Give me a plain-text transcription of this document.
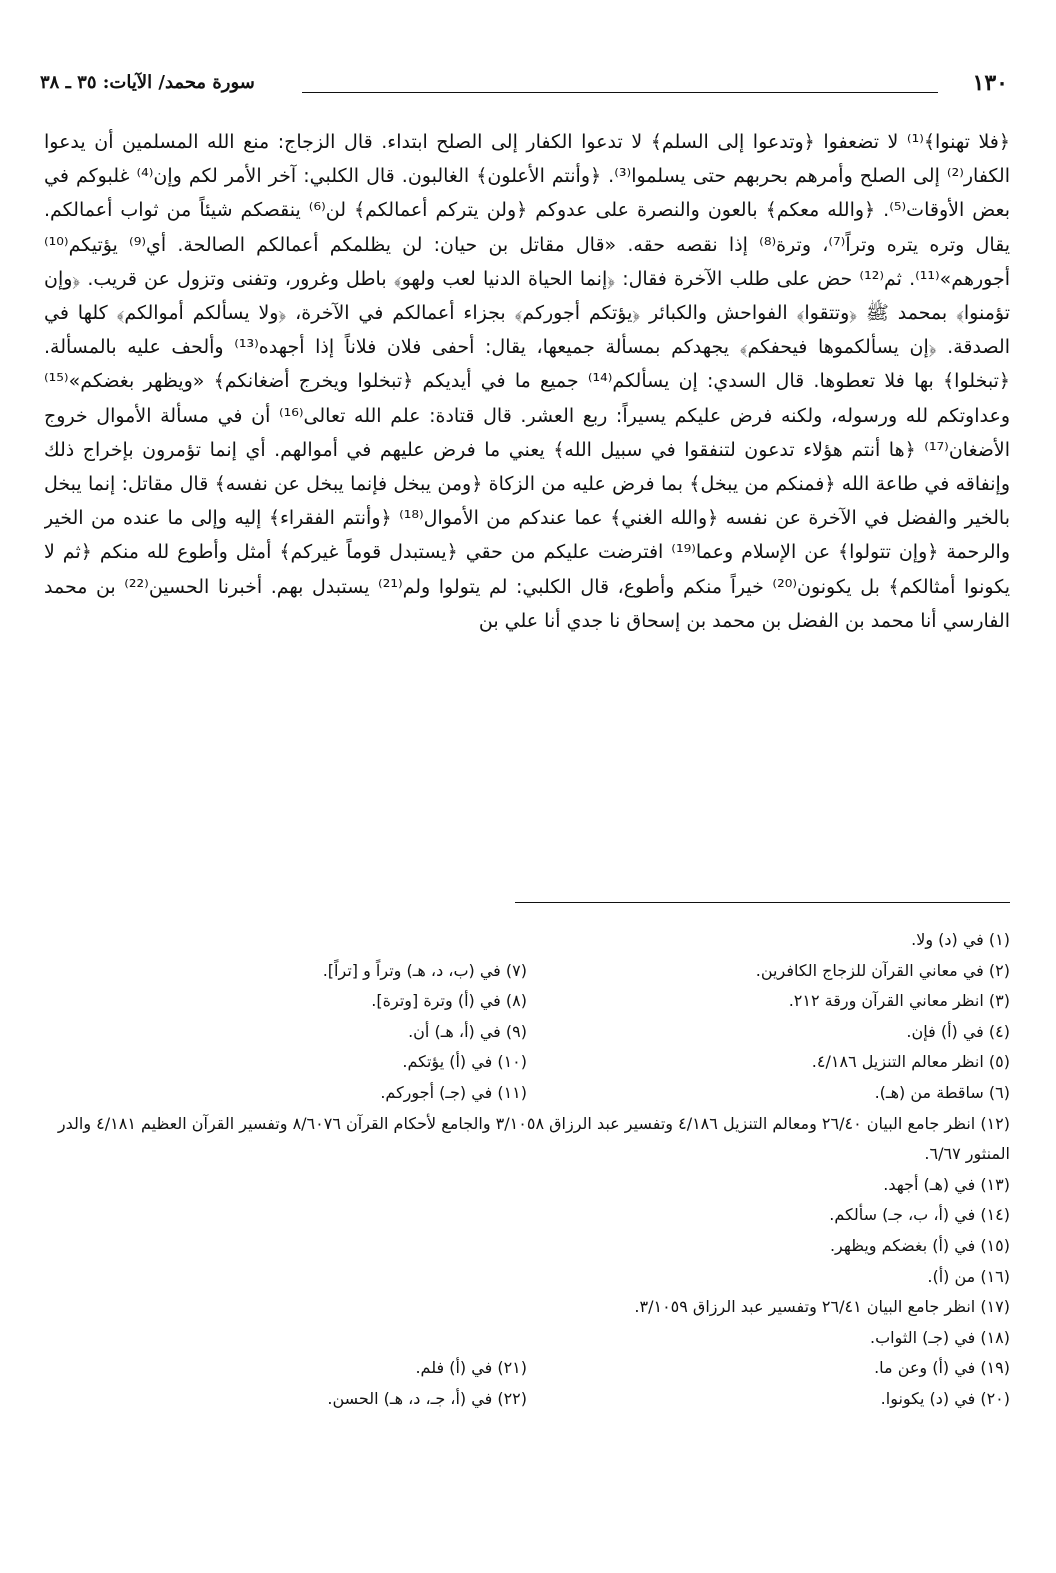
١٣٠
سورة محمد/ الآيات: ٣٥ ـ ٣٨

﴿فلا تهنوا﴾⁽¹⁾ لا تضعفوا ﴿وتدعوا إلى السلم﴾ لا تدعوا الكفار إلى الصلح ابتداء. قال الزجاج: منع الله المسلمين أن يدعوا الكفار⁽²⁾ إلى الصلح وأمرهم بحربهم حتى يسلموا⁽³⁾. ﴿وأنتم الأعلون﴾ الغالبون. قال الكلبي: آخر الأمر لكم وإن⁽⁴⁾ غلبوكم في بعض الأوقات⁽⁵⁾. ﴿والله معكم﴾ بالعون والنصرة على عدوكم ﴿ولن يتركم أعمالكم﴾ لن⁽⁶⁾ ينقصكم شيئاً من ثواب أعمالكم. يقال وتره يتره وتراً⁽⁷⁾، وترة⁽⁸⁾ إذا نقصه حقه. «قال مقاتل بن حيان: لن يظلمكم أعمالكم الصالحة. أي⁽⁹⁾ يؤتيكم⁽¹⁰⁾ أجورهم»⁽¹¹⁾. ثم⁽¹²⁾ حض على طلب الآخرة فقال: ﴿إنما الحياة الدنيا لعب ولهو﴾ باطل وغرور، وتفنى وتزول عن قريب. ﴿وإن تؤمنوا﴾ بمحمد ﷺ ﴿وتتقوا﴾ الفواحش والكبائر ﴿يؤتكم أجوركم﴾ بجزاء أعمالكم في الآخرة، ﴿ولا يسألكم أموالكم﴾ كلها في الصدقة. ﴿إن يسألكموها فيحفكم﴾ يجهدكم بمسألة جميعها، يقال: أحفى فلان فلاناً إذا أجهده⁽¹³⁾ وألحف عليه بالمسألة. ﴿تبخلوا﴾ بها فلا تعطوها. قال السدي: إن يسألكم⁽¹⁴⁾ جميع ما في أيديكم ﴿تبخلوا ويخرج أضغانكم﴾ «ويظهر بغضكم»⁽¹⁵⁾ وعداوتكم لله ورسوله، ولكنه فرض عليكم يسيراً: ربع العشر. قال قتادة: علم الله تعالى⁽¹⁶⁾ أن في مسألة الأموال خروج الأضغان⁽¹⁷⁾ ﴿ها أنتم هؤلاء تدعون لتنفقوا في سبيل الله﴾ يعني ما فرض عليهم في أموالهم. أي إنما تؤمرون بإخراج ذلك وإنفاقه في طاعة الله ﴿فمنكم من يبخل﴾ بما فرض عليه من الزكاة ﴿ومن يبخل فإنما يبخل عن نفسه﴾ قال مقاتل: إنما يبخل بالخير والفضل في الآخرة عن نفسه ﴿والله الغني﴾ عما عندكم من الأموال⁽¹⁸⁾ ﴿وأنتم الفقراء﴾ إليه وإلى ما عنده من الخير والرحمة ﴿وإن تتولوا﴾ عن الإسلام وعما⁽¹⁹⁾ افترضت عليكم من حقي ﴿يستبدل قوماً غيركم﴾ أمثل وأطوع لله منكم ﴿ثم لا يكونوا أمثالكم﴾ بل يكونون⁽²⁰⁾ خيراً منكم وأطوع، قال الكلبي: لم يتولوا ولم⁽²¹⁾ يستبدل بهم. أخبرنا الحسين⁽²²⁾ بن محمد الفارسي أنا محمد بن الفضل بن محمد بن إسحاق نا جدي أنا علي بن

(١) في (د) ولا.
(٢) في معاني القرآن للزجاج الكافرين.
(٧) في (ب، د، هـ) وتراً و [تراً].
(٣) انظر معاني القرآن ورقة ٢١٢.
(٨) في (أ) وترة [وترة].
(٤) في (أ) فإن.
(٩) في (أ، هـ) أن.
(٥) انظر معالم التنزيل ٤/١٨٦.
(١٠) في (أ) يؤتكم.
(٦) ساقطة من (هـ).
(١١) في (جـ) أجوركم.
(١٢) انظر جامع البيان ٢٦/٤٠ ومعالم التنزيل ٤/١٨٦ وتفسير عبد الرزاق ٣/١٠٥٨ والجامع لأحكام القرآن ٨/٦٠٧٦ وتفسير القرآن العظيم ٤/١٨١ والدر المنثور ٦/٦٧.
(١٣) في (هـ) أجهد.
(١٤) في (أ، ب، جـ) سألكم.
(١٥) في (أ) بغضكم ويظهر.
(١٦) من (أ).
(١٧) انظر جامع البيان ٢٦/٤١ وتفسير عبد الرزاق ٣/١٠٥٩.
(١٨) في (جـ) الثواب.
(١٩) في (أ) وعن ما.
(٢١) في (أ) فلم.
(٢٠) في (د) يكونوا.
(٢٢) في (أ، جـ، د، هـ) الحسن.
